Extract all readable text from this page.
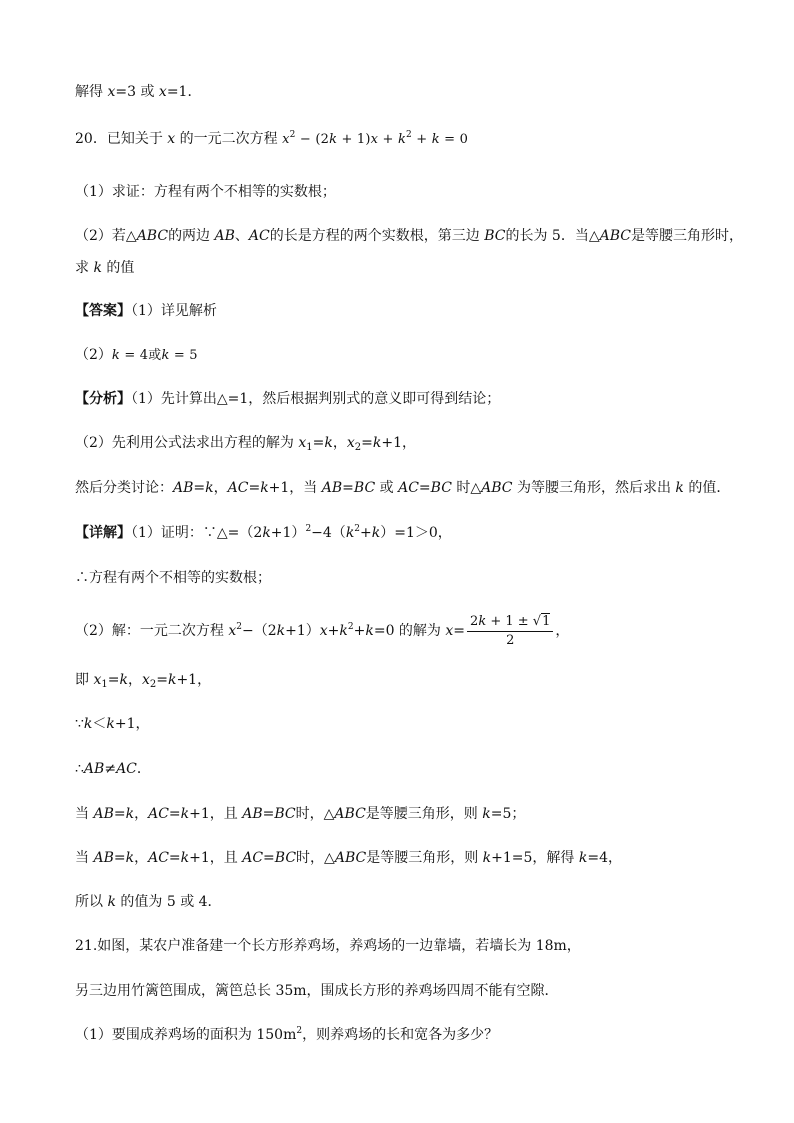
解得 x=3 或 x=1．
20．已知关于 x 的一元二次方程 $x^2 - (2k + 1)x + k^2 + k = 0$
（1）求证：方程有两个不相等的实数根；
（2）若△ABC的两边 AB、AC的长是方程的两个实数根，第三边 BC的长为 5．当△ABC是等腰三角形时，
求 k 的值
【答案】（1）详见解析
（2）k = 4或k = 5
【分析】（1）先计算出△=1，然后根据判别式的意义即可得到结论；
（2）先利用公式法求出方程的解为 $x_1=k$，$x_2=k+1$，
然后分类讨论：AB=k，AC=k+1，当 AB=BC 或 AC=BC 时△ABC 为等腰三角形，然后求出 k 的值．
【详解】（1）证明：$\because\triangle=(2k+1)^2-4(k^2+k)=1>0$，
∴方程有两个不相等的实数根；
（2）解：一元二次方程 $x^2-(2k+1)x+k^2+k=0$ 的解为 $x= \frac{2k + 1 \pm √1}{2}$ ，
即 $x_1=k$，$x_2=k+1$，
∵k＜k+1，
∴AB≠AC．
当 AB=k，AC=k+1，且 AB=BC时，△ABC是等腰三角形，则 k=5；
当 AB=k，AC=k+1，且 AC=BC时，△ABC是等腰三角形，则 k+1=5，解得 k=4，
所以 k 的值为 5 或 4．
21.如图，某农户准备建一个长方形养鸡场，养鸡场的一边靠墙，若墙长为 18m，
另三边用竹篱笆围成，篱笆总长 35m，围成长方形的养鸡场四周不能有空隙．
（1）要围成养鸡场的面积为 $150m^2$，则养鸡场的长和宽各为多少？
